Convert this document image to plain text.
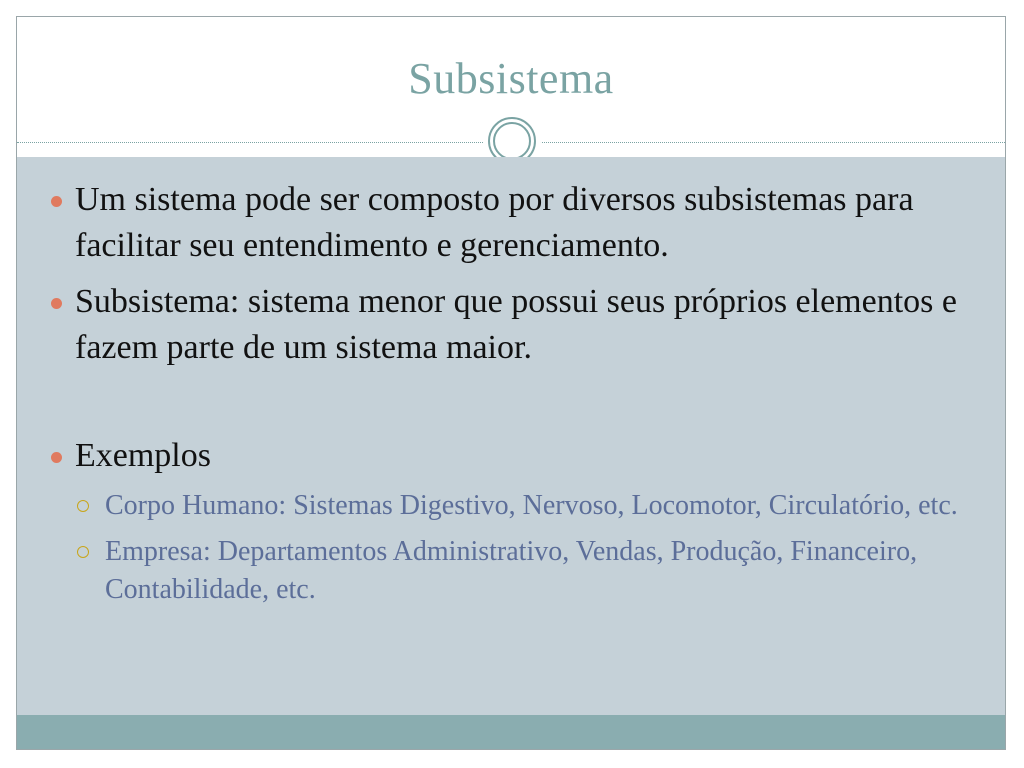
Subsistema
Um sistema pode ser composto por diversos subsistemas para facilitar seu entendimento e gerenciamento.
Subsistema: sistema menor que possui seus próprios elementos e fazem parte de um sistema maior.
Exemplos
Corpo Humano: Sistemas Digestivo, Nervoso, Locomotor, Circulatório, etc.
Empresa: Departamentos Administrativo, Vendas, Produção, Financeiro, Contabilidade, etc.
